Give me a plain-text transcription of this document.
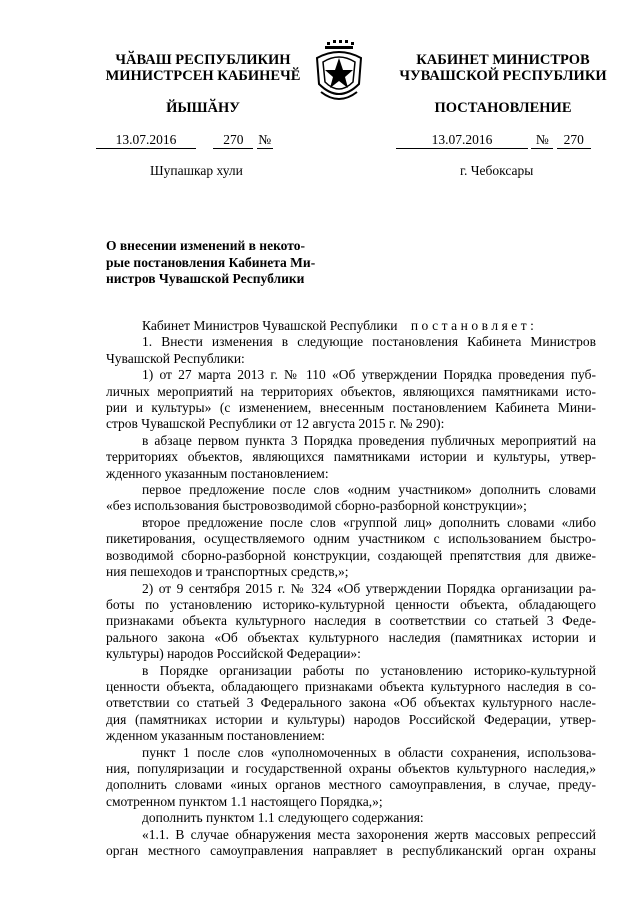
ЧӐВАШ РЕСПУБЛИКИН
МИНИСТРСЕН КАБИНЕЧӖ
КАБИНЕТ МИНИСТРОВ
ЧУВАШСКОЙ РЕСПУБЛИКИ
ЙЫШӐНУ	ПОСТАНОВЛЕНИЕ
13.07.2016	270 №	13.07.2016	№ 270
Шупашкар хули	г. Чебоксары
О внесении изменений в некото-
рые постановления Кабинета Ми-
нистров Чувашской Республики
Кабинет Министров Чувашской Республики постановляет:
1. Внести изменения в следующие постановления Кабинета Министров
Чувашской Республики:
1) от 27 марта 2013 г. № 110 «Об утверждении Порядка проведения пуб-
личных мероприятий на территориях объектов, являющихся памятниками исто-
рии и культуры» (с изменением, внесенным постановлением Кабинета Мини-
стров Чувашской Республики от 12 августа 2015 г. № 290):
в абзаце первом пункта 3 Порядка проведения публичных мероприятий на
территориях объектов, являющихся памятниками истории и культуры, утвер-
жденного указанным постановлением:
первое предложение после слов «одним участником» дополнить словами
«без использования быстровозводимой сборно-разборной конструкции»;
второе предложение после слов «группой лиц» дополнить словами «либо
пикетирования, осуществляемого одним участником с использованием быстро-
возводимой сборно-разборной конструкции, создающей препятствия для движе-
ния пешеходов и транспортных средств,»;
2) от 9 сентября 2015 г. № 324 «Об утверждении Порядка организации ра-
боты по установлению историко-культурной ценности объекта, обладающего
признаками объекта культурного наследия в соответствии со статьей 3 Феде-
рального закона «Об объектах культурного наследия (памятниках истории и
культуры) народов Российской Федерации»:
в Порядке организации работы по установлению историко-культурной
ценности объекта, обладающего признаками объекта культурного наследия в со-
ответствии со статьей 3 Федерального закона «Об объектах культурного насле-
дия (памятниках истории и культуры) народов Российской Федерации, утвер-
жденном указанным постановлением:
пункт 1 после слов «уполномоченных в области сохранения, использова-
ния, популяризации и государственной охраны объектов культурного наследия,»
дополнить словами «иных органов местного самоуправления, в случае, преду-
смотренном пунктом 1.1 настоящего Порядка,»;
дополнить пунктом 1.1 следующего содержания:
«1.1. В случае обнаружения места захоронения жертв массовых репрессий
орган местного самоуправления направляет в республиканский орган охраны
